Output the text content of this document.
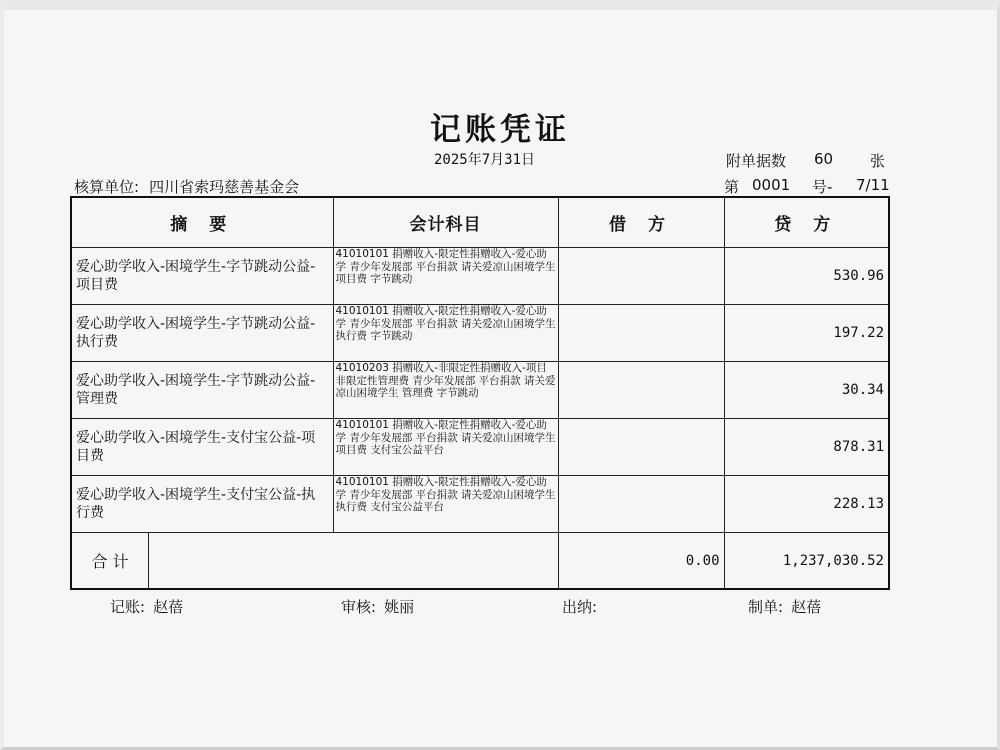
记账凭证
2025年7月31日	附单据数 60 张
核算单位: 四川省索玛慈善基金会	第 0001 号- 7/11
摘 要	会计科目	借 方	贷 方
爱心助学收入-困境学生-字节跳动公益-项目费	41010101 捐赠收入-限定性捐赠收入-爱心助学 青少年发展部 平台捐款 请关爱凉山困境学生 项目费 字节跳动		530.96
爱心助学收入-困境学生-字节跳动公益-执行费	41010101 捐赠收入-限定性捐赠收入-爱心助学 青少年发展部 平台捐款 请关爱凉山困境学生 执行费 字节跳动		197.22
爱心助学收入-困境学生-字节跳动公益-管理费	41010203 捐赠收入-非限定性捐赠收入-项目非限定性管理费 青少年发展部 平台捐款 请关爱凉山困境学生 管理费 字节跳动		30.34
爱心助学收入-困境学生-支付宝公益-项目费	41010101 捐赠收入-限定性捐赠收入-爱心助学 青少年发展部 平台捐款 请关爱凉山困境学生 项目费 支付宝公益平台		878.31
爱心助学收入-困境学生-支付宝公益-执行费	41010101 捐赠收入-限定性捐赠收入-爱心助学 青少年发展部 平台捐款 请关爱凉山困境学生 执行费 支付宝公益平台		228.13

合 计		0.00	1,237,030.52
记账: 赵蓓	审核: 姚丽	出纳:	制单: 赵蓓
